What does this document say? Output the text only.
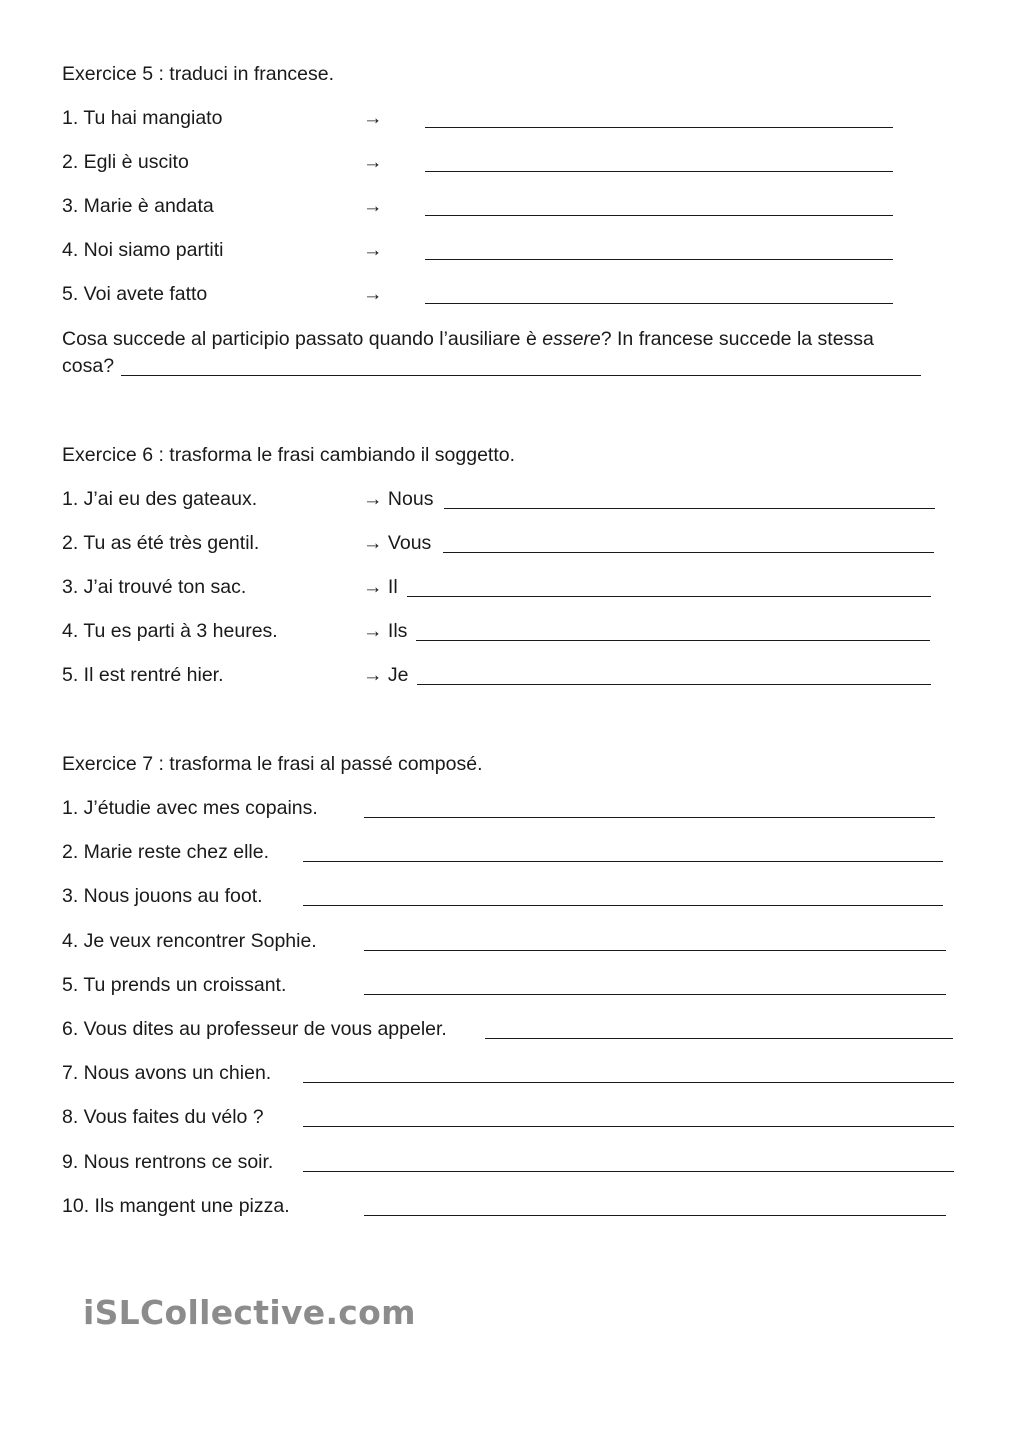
Exercice 5 : traduci in francese.
1. Tu hai mangiato	→
2. Egli è uscito	→
3. Marie è andata	→
4. Noi siamo partiti	→
5. Voi avete fatto	→
Cosa succede al participio passato quando l’ausiliare è essere? In francese succede la stessa
cosa?
Exercice 6 : trasforma le frasi cambiando il soggetto.
1. J’ai eu des gateaux.	→ Nous
2. Tu as été très gentil.	→ Vous
3. J’ai trouvé ton sac.	→ Il
4. Tu es parti à 3 heures.	→ Ils
5. Il est rentré hier.	→ Je
Exercice 7 : trasforma le frasi al passé composé.
1. J’étudie avec mes copains.
2. Marie reste chez elle.
3. Nous jouons au foot.
4. Je veux rencontrer Sophie.
5. Tu prends un croissant.
6. Vous dites au professeur de vous appeler.
7. Nous avons un chien.
8. Vous faites du vélo ?
9. Nous rentrons ce soir.
10. Ils mangent une pizza.
iSLCollective.com
